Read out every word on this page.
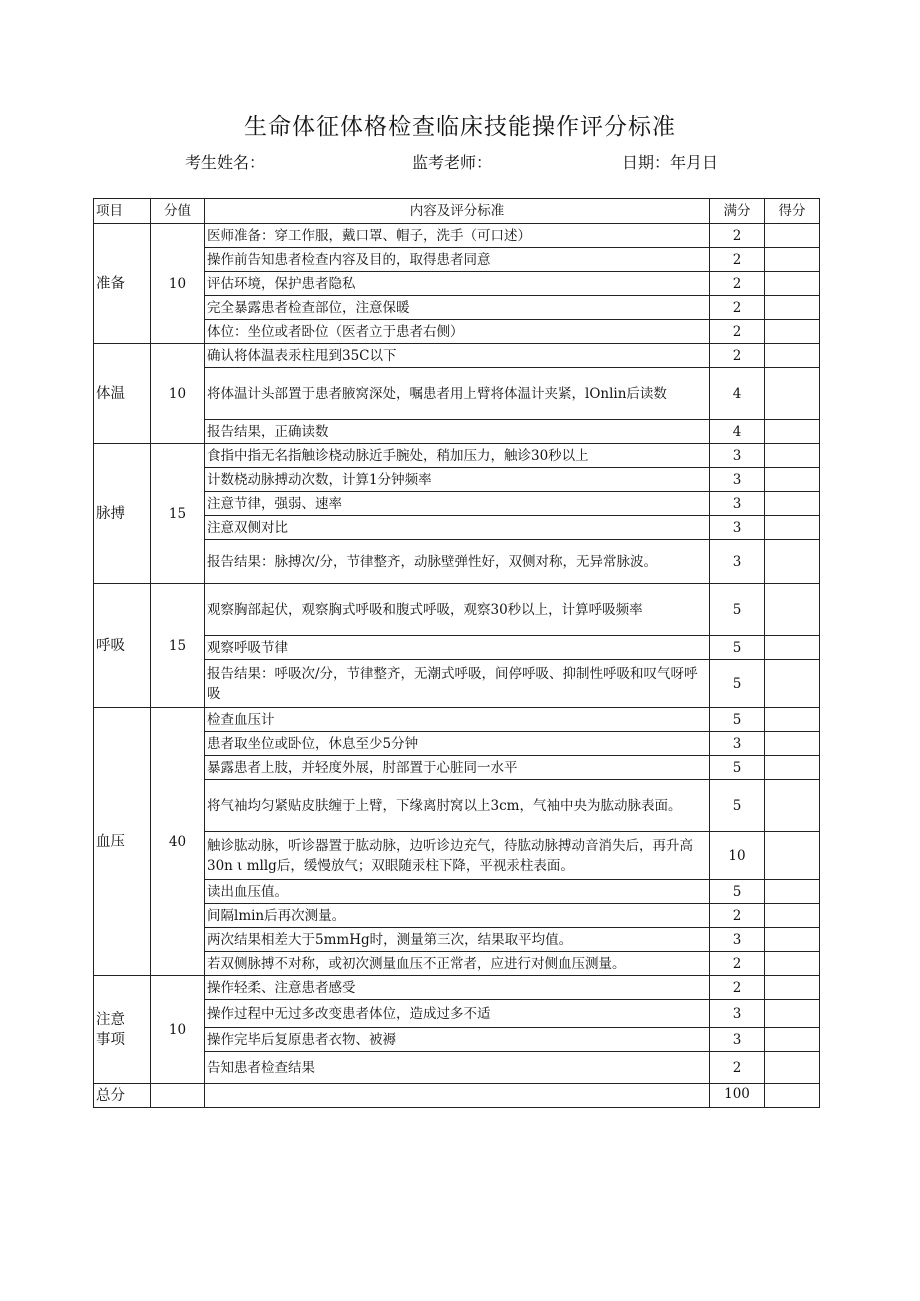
生命体征体格检查临床技能操作评分标准
考生姓名：	监考老师：	日期：年月日
项目	分值	内容及评分标准	满分	得分
准备	10	医师准备：穿工作服，戴口罩、帽子，洗手（可口述）	2	
		操作前告知患者检查内容及目的，取得患者同意	2	
		评估环境，保护患者隐私	2	
		完全暴露患者检查部位，注意保暖	2	
		体位：坐位或者卧位（医者立于患者右侧）	2	
体温	10	确认将体温表汞柱甩到35C以下	2	
		将体温计头部置于患者腋窝深处，嘱患者用上臂将体温计夹紧，lOnlin后读数	4	
		报告结果，正确读数	4	
脉搏	15	食指中指无名指触诊桡动脉近手腕处，稍加压力，触诊30秒以上	3	
		计数桡动脉搏动次数，计算1分钟频率	3	
		注意节律，强弱、速率	3	
		注意双侧对比	3	
		报告结果：脉搏次/分，节律整齐，动脉壁弹性好，双侧对称，无异常脉波。	3	
呼吸	15	观察胸部起伏，观察胸式呼吸和腹式呼吸，观察30秒以上，计算呼吸频率	5	
		观察呼吸节律	5	
		报告结果：呼吸次/分，节律整齐，无潮式呼吸，间停呼吸、抑制性呼吸和叹气呀呼吸	5	
血压	40	检查血压计	5	
		患者取坐位或卧位，休息至少5分钟	3	
		暴露患者上肢，并轻度外展，肘部置于心脏同一水平	5	
		将气袖均匀紧贴皮肤缠于上臂，下缘离肘窝以上3cm，气袖中央为肱动脉表面。	5	
		触诊肱动脉，听诊器置于肱动脉，边听诊边充气，待肱动脉搏动音消失后，再升高30n ι mllg后，缓慢放气；双眼随汞柱下降，平视汞柱表面。	10	
		读出血压值。	5	
		间隔lmin后再次测量。	2	
		两次结果相差大于5mmHg时，测量第三次，结果取平均值。	3	
		若双侧脉搏不对称，或初次测量血压不正常者，应进行对侧血压测量。	2	
注意
事项	10	操作轻柔、注意患者感受	2	
		操作过程中无过多改变患者体位，造成过多不适	3	
		操作完毕后复原患者衣物、被褥	3	
		告知患者检查结果	2	
总分			100	
